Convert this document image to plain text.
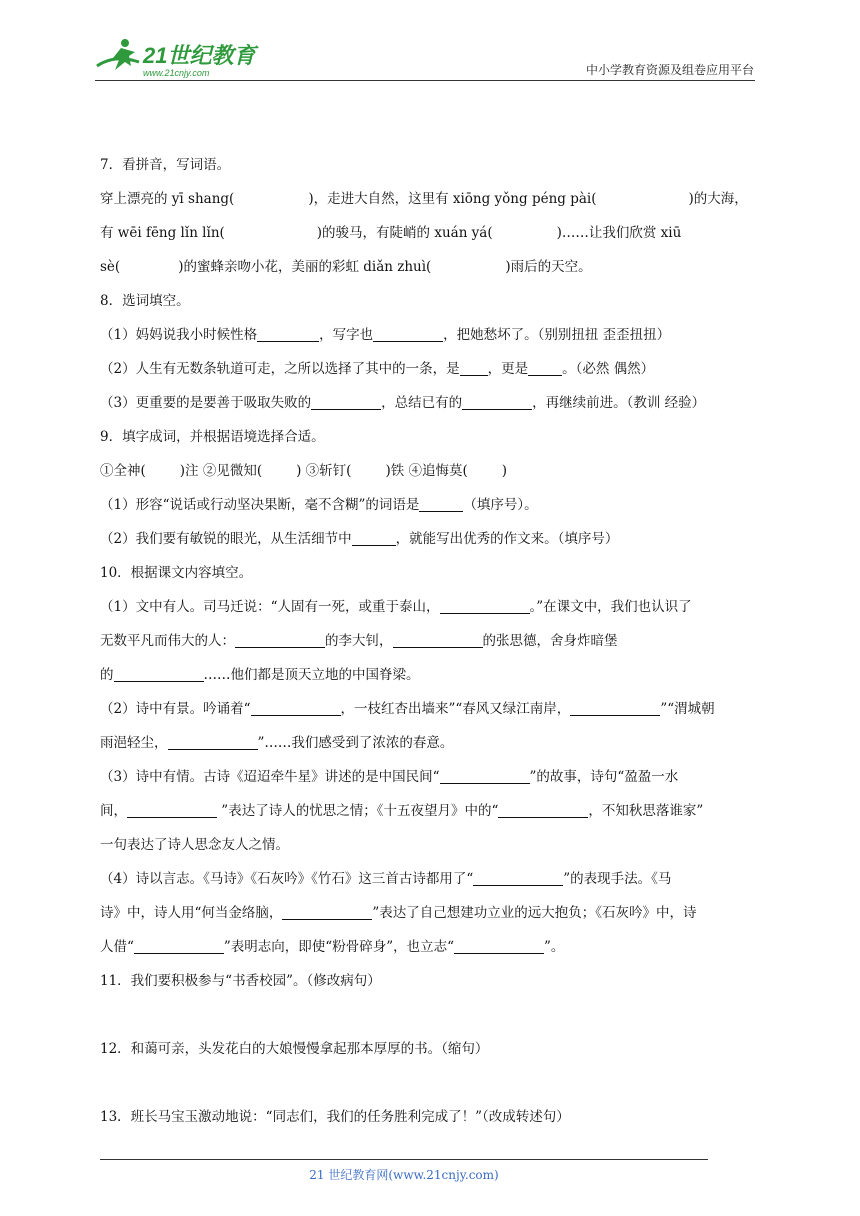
21世纪教育
www.21cnjy.com	中小学教育资源及组卷应用平台
7．看拼音，写词语。
穿上漂亮的 yī shang(	)，走进大自然，这里有 xiōng yǒng péng pài(	)的大海，
有 wēi fēng lǐn lǐn(	)的骏马，有陡峭的 xuán yá(	)……让我们欣赏 xiū
sè(	)的蜜蜂亲吻小花，美丽的彩虹 diǎn zhuì(	)雨后的天空。
8．选词填空。
（1）妈妈说我小时候性格	，写字也	，把她愁坏了。（别别扭扭 歪歪扭扭）
（2）人生有无数条轨道可走，之所以选择了其中的一条，是 ，更是	。（必然 偶然）
（3）更重要的是要善于吸取失败的	，总结已有的	，再继续前进。（教训 经验）
9．填字成词，并根据语境选择合适。
①全神(	)注 ②见微知(	) ③斩钉(	)铁 ④追悔莫(	)
（1）形容“说话或行动坚决果断，毫不含糊”的词语是	（填序号）。
（2）我们要有敏锐的眼光，从生活细节中	，就能写出优秀的作文来。（填序号）
10．根据课文内容填空。
（1）文中有人。司马迁说：“人固有一死，或重于泰山，	。”在课文中，我们也认识了
无数平凡而伟大的人：	的李大钊，	的张思德，舍身炸暗堡
的	……他们都是顶天立地的中国脊梁。
（2）诗中有景。吟诵着“	，一枝红杏出墙来”“春风又绿江南岸，	”“渭城朝
雨浥轻尘，	”……我们感受到了浓浓的春意。
（3）诗中有情。古诗《迢迢牵牛星》讲述的是中国民间“	”的故事，诗句“盈盈一水
间，	”表达了诗人的忧思之情；《十五夜望月》中的“	，不知秋思落谁家”
一句表达了诗人思念友人之情。
（4）诗以言志。《马诗》《石灰吟》《竹石》这三首古诗都用了“	”的表现手法。《马
诗》中，诗人用“何当金络脑，	”表达了自己想建功立业的远大抱负；《石灰吟》中，诗
人借“	”表明志向，即使“粉骨碎身”，也立志“	”。
11．我们要积极参与“书香校园”。（修改病句）
12．和蔼可亲，头发花白的大娘慢慢拿起那本厚厚的书。（缩句）
13．班长马宝玉激动地说：“同志们，我们的任务胜利完成了！”（改成转述句）
21 世纪教育网(www.21cnjy.com)
